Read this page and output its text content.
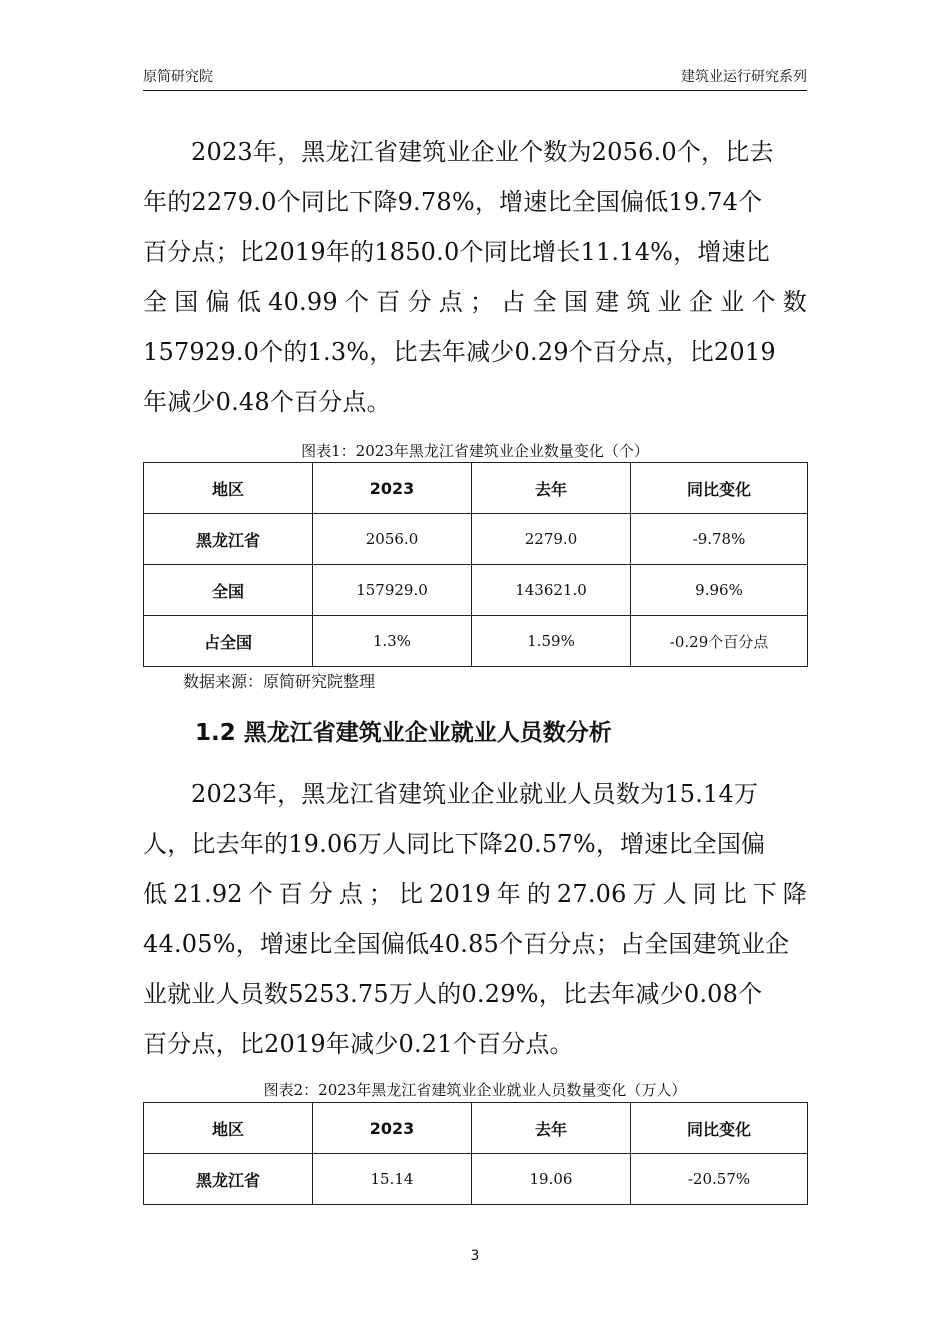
原简研究院	建筑业运行研究系列
2023年，黑龙江省建筑业企业个数为2056.0个，比去
年的2279.0个同比下降9.78%，增速比全国偏低19.74个
百分点；比2019年的1850.0个同比增长11.14%，增速比
全国偏低40.99个百分点；占全国建筑业企业个数
157929.0个的1.3%，比去年减少0.29个百分点，比2019
年减少0.48个百分点。
图表1：2023年黑龙江省建筑业企业数量变化（个）
地区	2023	去年	同比变化
黑龙江省	2056.0	2279.0	-9.78%
全国	157929.0	143621.0	9.96%
占全国	1.3%	1.59%	-0.29个百分点
数据来源：原简研究院整理
1.2 黑龙江省建筑业企业就业人员数分析
2023年，黑龙江省建筑业企业就业人员数为15.14万
人，比去年的19.06万人同比下降20.57%，增速比全国偏
低21.92个百分点；比2019年的27.06万人同比下降
44.05%，增速比全国偏低40.85个百分点；占全国建筑业企
业就业人员数5253.75万人的0.29%，比去年减少0.08个
百分点，比2019年减少0.21个百分点。
图表2：2023年黑龙江省建筑业企业就业人员数量变化（万人）
地区	2023	去年	同比变化
黑龙江省	15.14	19.06	-20.57%
3
